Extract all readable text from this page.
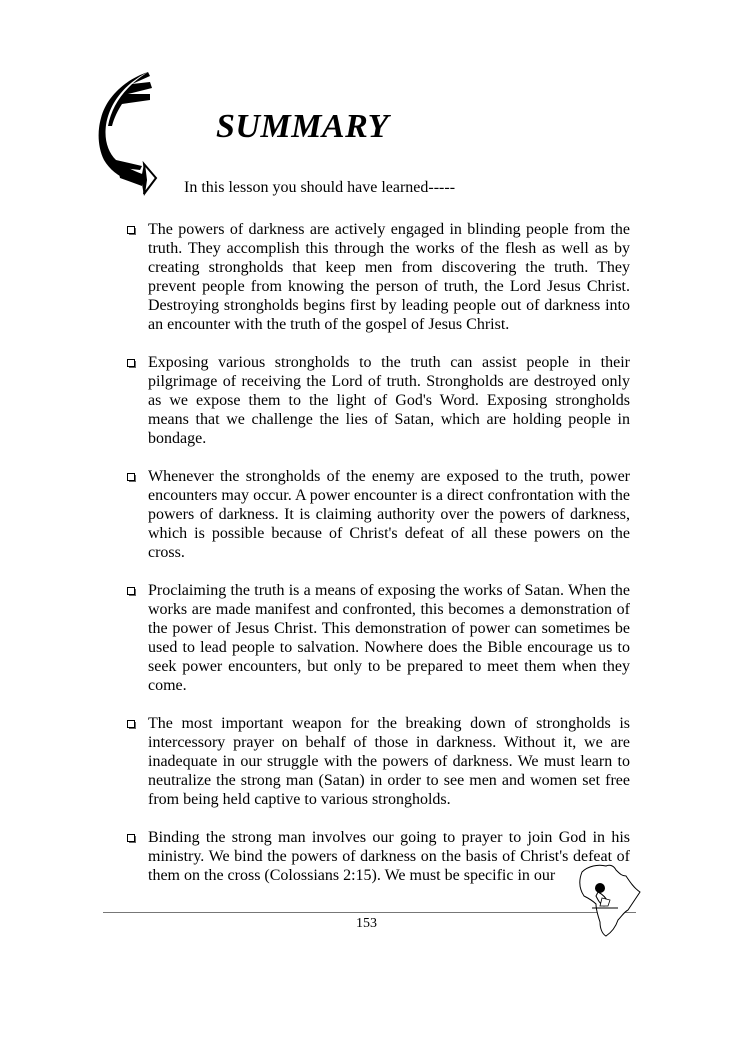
SUMMARY
In this lesson you should have learned-----
The powers of darkness are actively engaged in blinding people from the truth. They accomplish this through the works of the flesh as well as by creating strongholds that keep men from discovering the truth. They prevent people from knowing the person of truth, the Lord Jesus Christ. Destroying strongholds begins first by leading people out of darkness into an encounter with the truth of the gospel of Jesus Christ.
Exposing various strongholds to the truth can assist people in their pilgrimage of receiving the Lord of truth. Strongholds are destroyed only as we expose them to the light of God's Word. Exposing strongholds means that we challenge the lies of Satan, which are holding people in bondage.
Whenever the strongholds of the enemy are exposed to the truth, power encounters may occur. A power encounter is a direct confrontation with the powers of darkness. It is claiming authority over the powers of darkness, which is possible because of Christ's defeat of all these powers on the cross.
Proclaiming the truth is a means of exposing the works of Satan. When the works are made manifest and confronted, this becomes a demonstration of the power of Jesus Christ. This demonstration of power can sometimes be used to lead people to salvation. Nowhere does the Bible encourage us to seek power encounters, but only to be prepared to meet them when they come.
The most important weapon for the breaking down of strongholds is intercessory prayer on behalf of those in darkness. Without it, we are inadequate in our struggle with the powers of darkness. We must learn to neutralize the strong man (Satan) in order to see men and women set free from being held captive to various strongholds.
Binding the strong man involves our going to prayer to join God in his ministry. We bind the powers of darkness on the basis of Christ's defeat of them on the cross (Colossians 2:15). We must be specific in our
153
